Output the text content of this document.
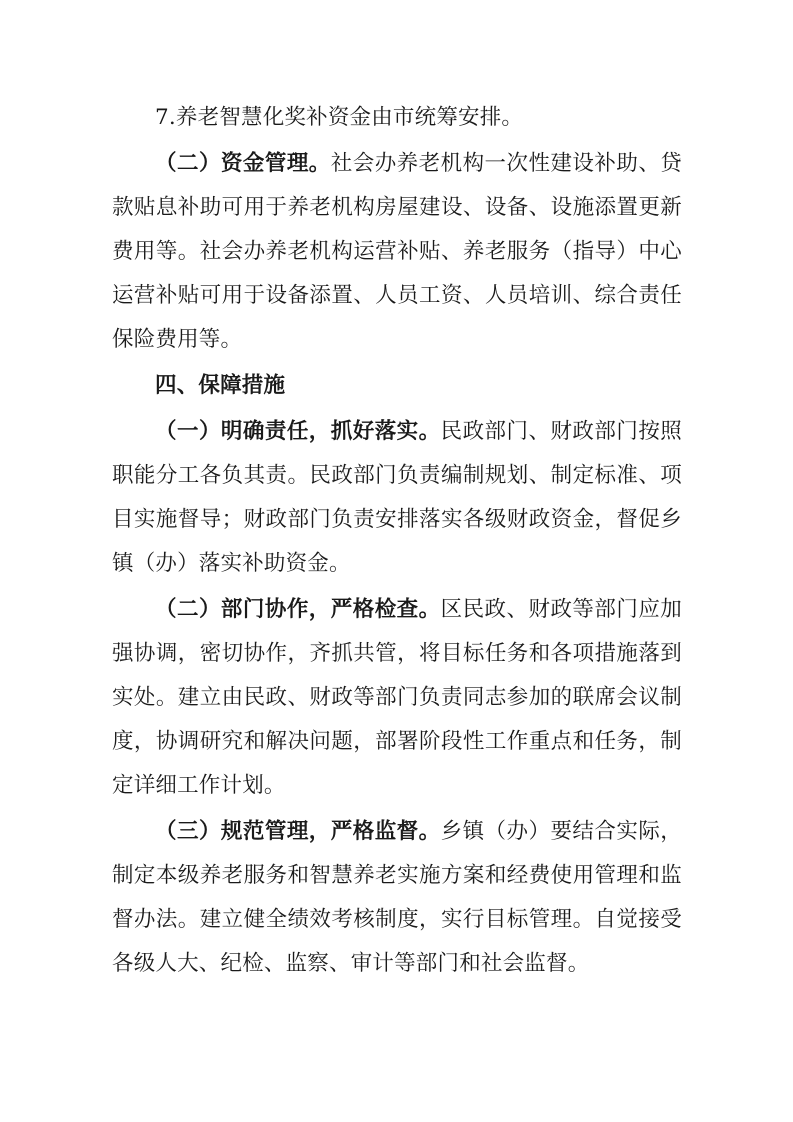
7.养老智慧化奖补资金由市统筹安排。

（二）资金管理。社会办养老机构一次性建设补助、贷款贴息补助可用于养老机构房屋建设、设备、设施添置更新费用等。社会办养老机构运营补贴、养老服务（指导）中心运营补贴可用于设备添置、人员工资、人员培训、综合责任保险费用等。

四、保障措施

（一）明确责任，抓好落实。民政部门、财政部门按照职能分工各负其责。民政部门负责编制规划、制定标准、项目实施督导；财政部门负责安排落实各级财政资金，督促乡镇（办）落实补助资金。

（二）部门协作，严格检查。区民政、财政等部门应加强协调，密切协作，齐抓共管，将目标任务和各项措施落到实处。建立由民政、财政等部门负责同志参加的联席会议制度，协调研究和解决问题，部署阶段性工作重点和任务，制定详细工作计划。

（三）规范管理，严格监督。乡镇（办）要结合实际，制定本级养老服务和智慧养老实施方案和经费使用管理和监督办法。建立健全绩效考核制度，实行目标管理。自觉接受各级人大、纪检、监察、审计等部门和社会监督。
